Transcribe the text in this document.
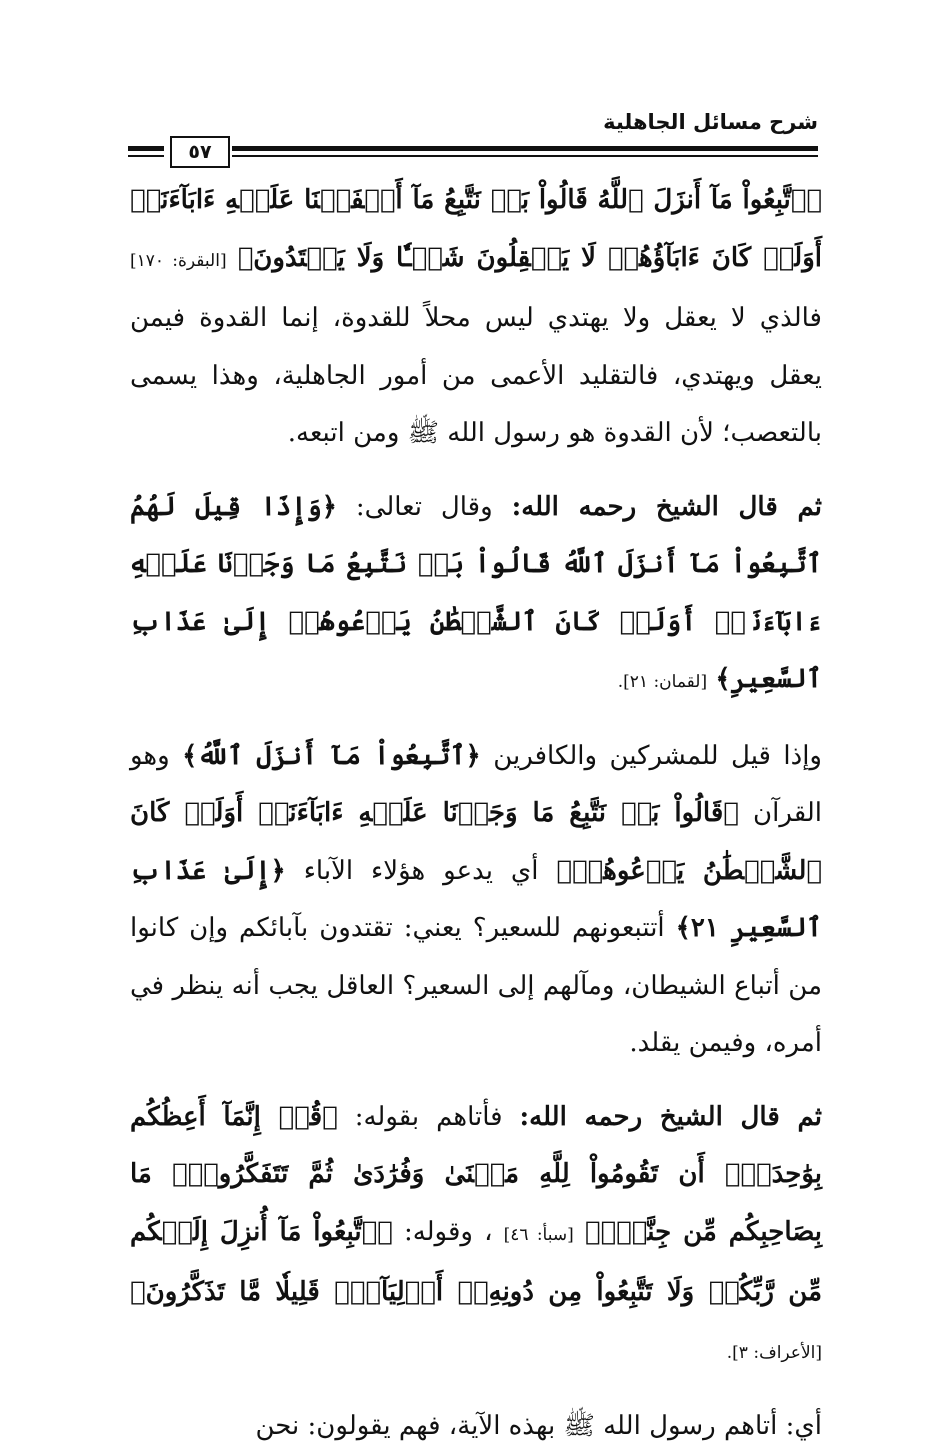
شرح مسائل الجاهلية
٥٧

﴿ٱتَّبِعُواْ مَآ أَنزَلَ ٱللَّهُ قَالُواْ بَلۡ نَتَّبِعُ مَآ أَلۡفَيۡنَا عَلَيۡهِ ءَابَآءَنَآۚ أَوَلَوۡ كَانَ ءَابَآؤُهُمۡ لَا يَعۡقِلُونَ شَيۡـٔٗا وَلَا يَهۡتَدُونَ﴾ [البقرة: ١٧٠] فالذي لا يعقل ولا يهتدي ليس محلاً للقدوة، إنما القدوة فيمن يعقل ويهتدي، فالتقليد الأعمى من أمور الجاهلية، وهذا يسمى بالتعصب؛ لأن القدوة هو رسول الله ﷺ ومن اتبعه.

ثم قال الشيخ رحمه الله: وقال تعالى: ﴿وَإِذَا قِيلَ لَهُمُ ٱتَّبِعُواْ مَآ أَنزَلَ ٱللَّهُ قَالُواْ بَلۡ نَتَّبِعُ مَا وَجَدۡنَا عَلَيۡهِ ءَابَآءَنَآۚ أَوَلَوۡ كَانَ ٱلشَّيۡطَٰنُ يَدۡعُوهُمۡ إِلَىٰ عَذَابِ ٱلسَّعِيرِ﴾ [لقمان: ٢١].

وإذا قيل للمشركين والكافرين ﴿ٱتَّبِعُواْ مَآ أَنزَلَ ٱللَّهُ﴾ وهو القرآن ﴿قَالُواْ بَلۡ نَتَّبِعُ مَا وَجَدۡنَا عَلَيۡهِ ءَابَآءَنَآۚ أَوَلَوۡ كَانَ ٱلشَّيۡطَٰنُ يَدۡعُوهُمۡ﴾ أي يدعو هؤلاء الآباء ﴿إِلَىٰ عَذَابِ ٱلسَّعِيرِ ٢١﴾ أتتبعونهم للسعير؟ يعني: تقتدون بآبائكم وإن كانوا من أتباع الشيطان، ومآلهم إلى السعير؟ العاقل يجب أنه ينظر في أمره، وفيمن يقلد.

ثم قال الشيخ رحمه الله: فأتاهم بقوله: ﴿قُلۡ إِنَّمَآ أَعِظُكُم بِوَٰحِدَةٍۖ أَن تَقُومُواْ لِلَّهِ مَثۡنَىٰ وَفُرَٰدَىٰ ثُمَّ تَتَفَكَّرُواْۚ مَا بِصَاحِبِكُم مِّن جِنَّةٍۚ﴾ [سبأ: ٤٦] ، وقوله: ﴿ٱتَّبِعُواْ مَآ أُنزِلَ إِلَيۡكُم مِّن رَّبِّكُمۡ وَلَا تَتَّبِعُواْ مِن دُونِهِۦٓ أَوۡلِيَآءَۗ قَلِيلٗا مَّا تَذَكَّرُونَ﴾ [الأعراف: ٣].

أي: أتاهم رسول الله ﷺ بهذه الآية، فهم يقولون: نحن
